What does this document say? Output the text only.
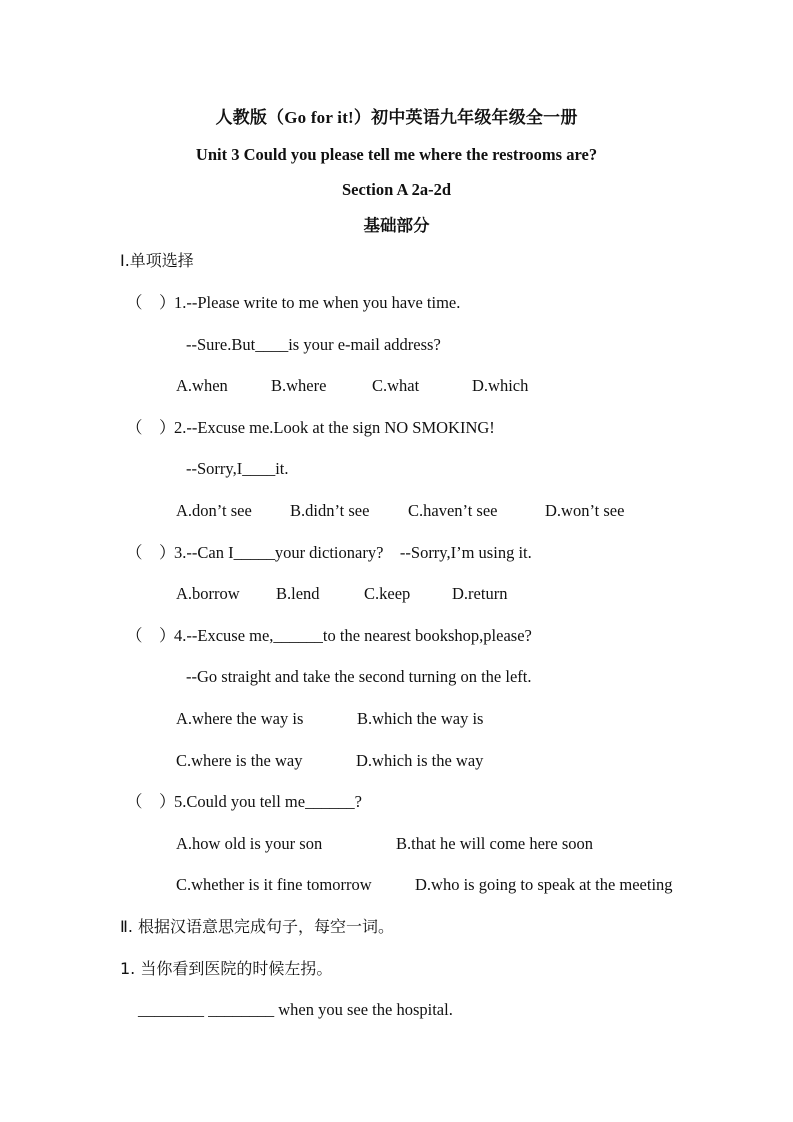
人教版（Go for it!）初中英语九年级年级全一册
Unit 3 Could you please tell me where the restrooms are?
Section A 2a-2d
基础部分
Ⅰ.单项选择
（　）1.--Please write to me when you have time.
--Sure.But____is your e-mail address?
A.when	B.where	C.what	D.which
（　）2.--Excuse me.Look at the sign NO SMOKING!
--Sorry,I____it.
A.don’t see B.didn’t see C.haven’t see	D.won’t see
（　）3.--Can I_____your dictionary?　--Sorry,I’m using it.
A.borrow B.lend	C.keep	D.return
（　）4.--Excuse me,______to the nearest bookshop,please?
--Go straight and take the second turning on the left.
A.where the way is	B.which the way is
C.where is the way	D.which is the way
（　）5.Could you tell me______?
A.how old is your son	B.that he will come here soon
C.whether is it fine tomorrow	D.who is going to speak at the meeting
Ⅱ. 根据汉语意思完成句子，每空一词。
1. 当你看到医院的时候左拐。
________ ________ when you see the hospital.
